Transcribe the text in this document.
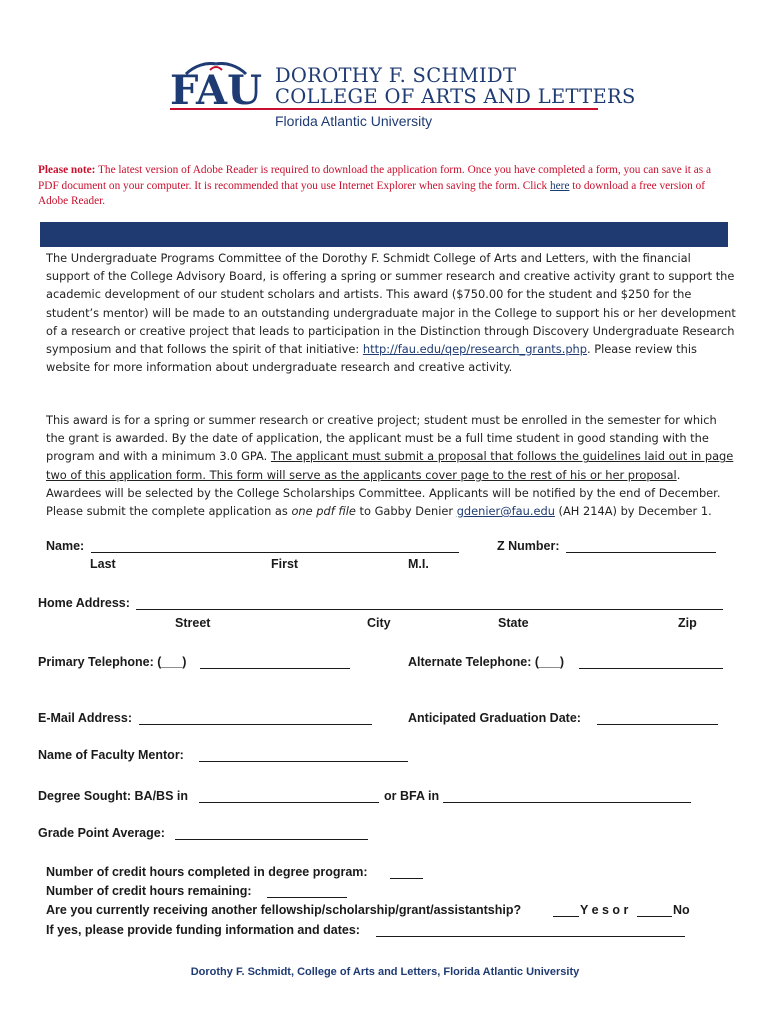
FAU DOROTHY F. SCHMIDT
COLLEGE OF ARTS AND LETTERS
Florida Atlantic University
Please note: The latest version of Adobe Reader is required to download the application form. Once you have completed a form, you can save it as a PDF document on your computer. It is recommended that you use Internet Explorer when saving the form. Click here to download a free version of Adobe Reader.
The Undergraduate Programs Committee of the Dorothy F. Schmidt College of Arts and Letters, with the financial support of the College Advisory Board, is offering a spring or summer research and creative activity grant to support the academic development of our student scholars and artists. This award ($750.00 for the student and $250 for the student’s mentor) will be made to an outstanding undergraduate major in the College to support his or her development of a research or creative project that leads to participation in the Distinction through Discovery Undergraduate Research symposium and that follows the spirit of that initiative: http://fau.edu/qep/research_grants.php. Please review this website for more information about undergraduate research and creative activity.
This award is for a spring or summer research or creative project; student must be enrolled in the semester for which the grant is awarded. By the date of application, the applicant must be a full time student in good standing with the program and with a minimum 3.0 GPA. The applicant must submit a proposal that follows the guidelines laid out in page two of this application form. This form will serve as the applicants cover page to the rest of his or her proposal. Awardees will be selected by the College Scholarships Committee. Applicants will be notified by the end of December. Please submit the complete application as one pdf file to Gabby Denier gdenier@fau.edu (AH 214A) by December 1.
Name:	Z Number:
Last	First	M.I.
Home Address:
Street	City	State	Zip
Primary Telephone: (___)	Alternate Telephone: (___)
E-Mail Address:	Anticipated Graduation Date:
Name of Faculty Mentor:
Degree Sought: BA/BS in	or BFA in
Grade Point Average:
Number of credit hours completed in degree program:
Number of credit hours remaining:
Are you currently receiving another fellowship/scholarship/grant/assistantship?	Y e s o r	No
If yes, please provide funding information and dates:
Dorothy F. Schmidt, College of Arts and Letters, Florida Atlantic University
